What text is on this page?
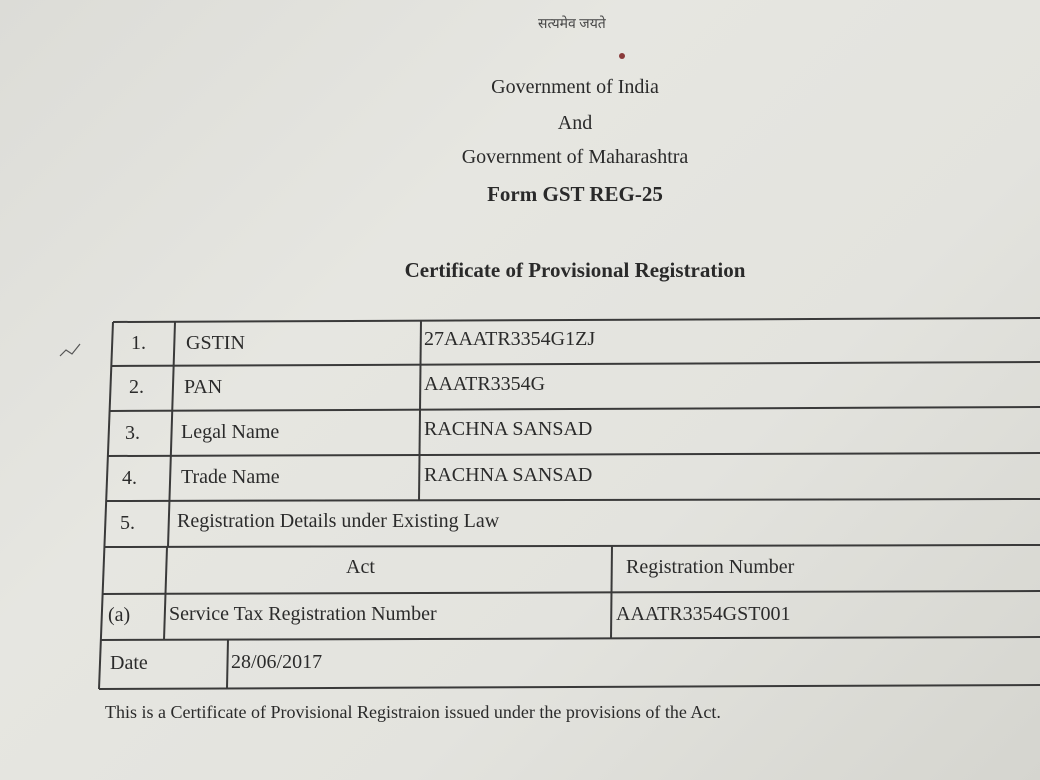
सत्यमेव जयते
Government of India
And
Government of Maharashtra
Form GST REG-25
Certificate of Provisional Registration
1. GSTIN	27AAATR3354G1ZJ
2. PAN	AAATR3354G
3. Legal Name	RACHNA SANSAD
4. Trade Name	RACHNA SANSAD
5. Registration Details under Existing Law
Act	Registration Number
(a) Service Tax Registration Number	AAATR3354GST001
Date	28/06/2017
This is a Certificate of Provisional Registraion issued under the provisions of the Act.
